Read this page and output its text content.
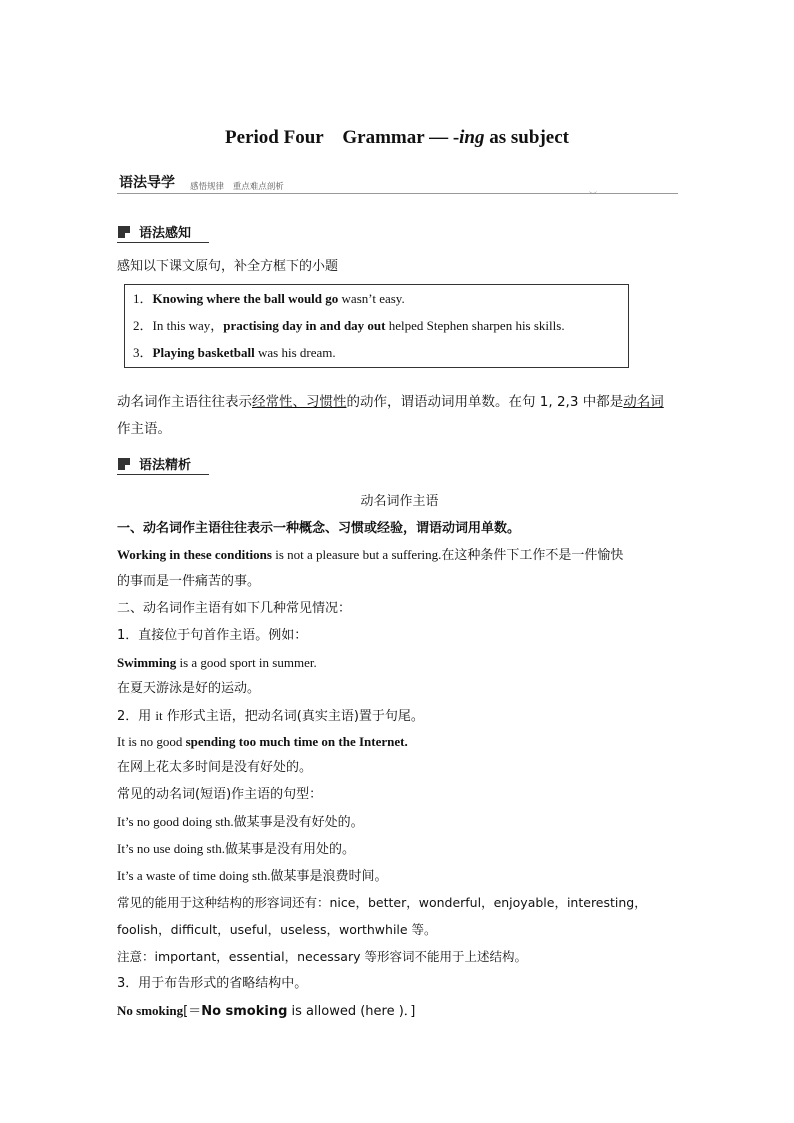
Period Four　Grammar — -ing as subject
语法导学 感悟规律 重点难点剖析
︶
语法感知
感知以下课文原句，补全方框下的小题
1．Knowing where the ball would go wasn’t easy.
2．In this way，practising day in and day out helped Stephen sharpen his skills.
3．Playing basketball was his dream.
动名词作主语往往表示经常性、习惯性的动作，谓语动词用单数。在句 1, 2,3 中都是动名词
作主语。
语法精析
动名词作主语
一、动名词作主语往往表示一种概念、习惯或经验，谓语动词用单数。
Working in these conditions is not a pleasure but a suffering.在这种条件下工作不是一件愉快
的事而是一件痛苦的事。
二、动名词作主语有如下几种常见情况：
1．直接位于句首作主语。例如：
Swimming is a good sport in summer.
在夏天游泳是好的运动。
2．用 it 作形式主语，把动名词(真实主语)置于句尾。
It is no good spending too much time on the Internet.
在网上花太多时间是没有好处的。
常见的动名词(短语)作主语的句型：
It’s no good doing sth.做某事是没有好处的。
It’s no use doing sth.做某事是没有用处的。
It’s a waste of time doing sth.做某事是浪费时间。
常见的能用于这种结构的形容词还有：nice，better，wonderful，enjoyable，interesting，
foolish，difficult，useful，useless，worthwhile 等。
注意：important，essential，necessary 等形容词不能用于上述结构。
3．用于布告形式的省略结构中。
No smoking[＝No smoking is allowed (here )．]
